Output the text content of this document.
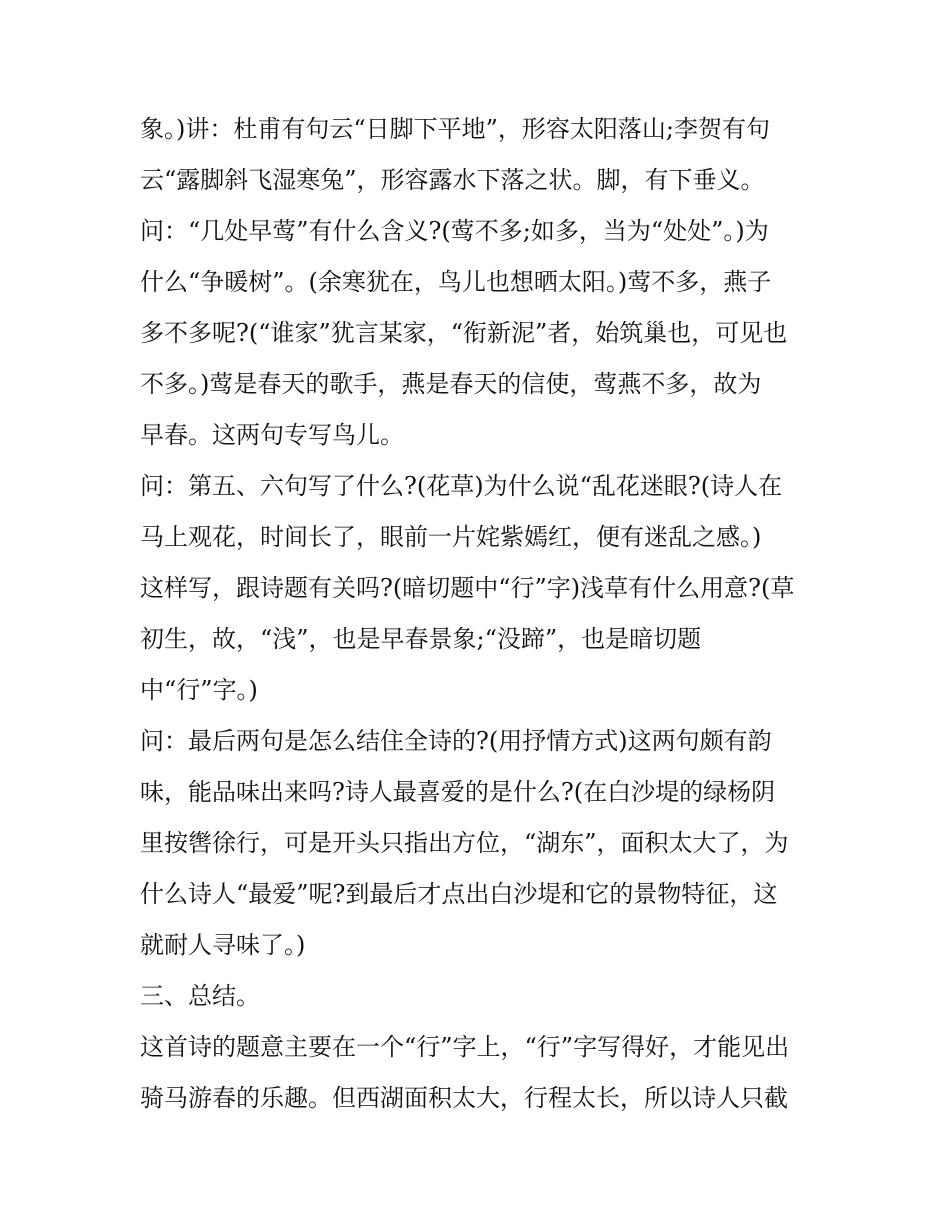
象。)讲：杜甫有句云“日脚下平地”，形容太阳落山;李贺有句
云“露脚斜飞湿寒兔”，形容露水下落之状。脚，有下垂义。
问：“几处早莺”有什么含义?(莺不多;如多，当为“处处”。)为
什么“争暖树”。(余寒犹在，鸟儿也想晒太阳。)莺不多，燕子
多不多呢?(“谁家”犹言某家，“衔新泥”者，始筑巢也，可见也
不多。)莺是春天的歌手，燕是春天的信使，莺燕不多，故为
早春。这两句专写鸟儿。
问：第五、六句写了什么?(花草)为什么说“乱花迷眼?(诗人在
马上观花，时间长了，眼前一片姹紫嫣红，便有迷乱之感。)
这样写，跟诗题有关吗?(暗切题中“行”字)浅草有什么用意?(草
初生，故，“浅”，也是早春景象;“没蹄”，也是暗切题
中“行”字。)
问：最后两句是怎么结住全诗的?(用抒情方式)这两句颇有韵
味，能品味出来吗?诗人最喜爱的是什么?(在白沙堤的绿杨阴
里按辔徐行，可是开头只指出方位，“湖东”，面积太大了，为
什么诗人“最爱”呢?到最后才点出白沙堤和它的景物特征，这
就耐人寻味了。)
三、总结。
这首诗的题意主要在一个“行”字上，“行”字写得好，才能见出
骑马游春的乐趣。但西湖面积太大，行程太长，所以诗人只截
